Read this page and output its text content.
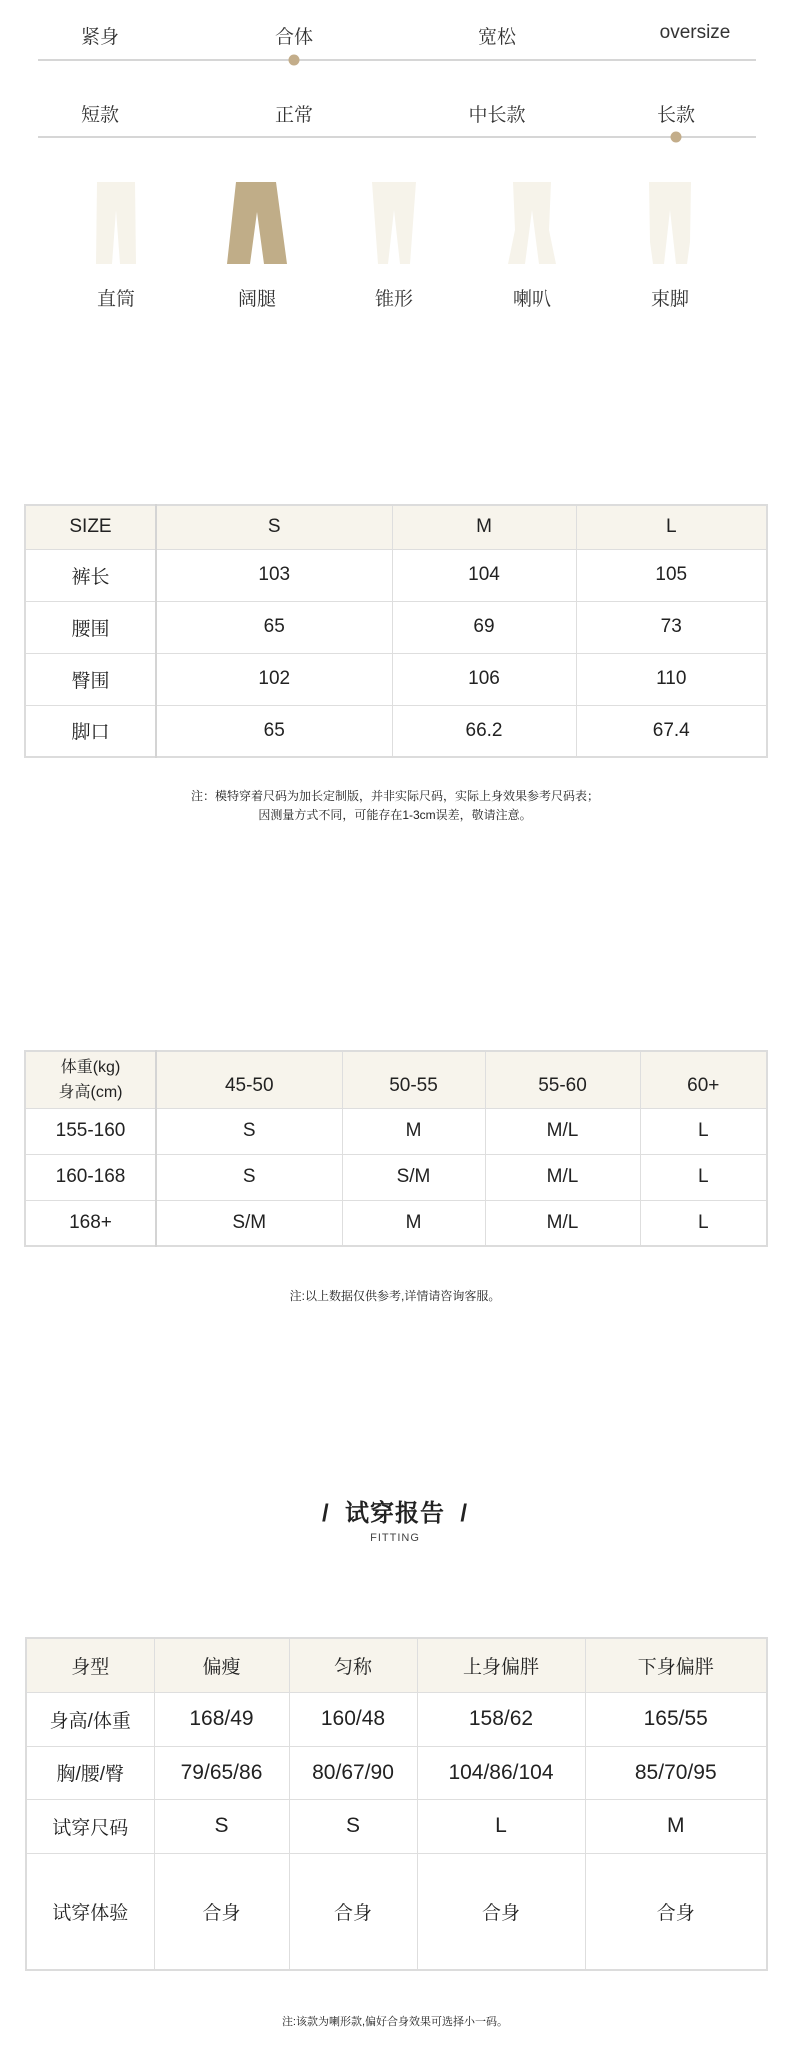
紧身	合体	宽松	oversize
短款	正常	中长款	长款
直筒	阔腿	锥形	喇叭	束脚
SIZE	S	M	L
裤长	103	104	105
腰围	65	69	73
臀围	102	106	110
脚口	65	66.2	67.4
注：模特穿着尺码为加长定制版，并非实际尺码，实际上身效果参考尺码表；
因测量方式不同，可能存在1-3cm误差，敬请注意。
体重(kg)
身高(cm)	45-50	50-55	55-60	60+
155-160	S	M	M/L	L
160-168	S	S/M	M/L	L
168+	S/M	M	M/L	L
注:以上数据仅供参考,详情请咨询客服。
/  试穿报告  /
FITTING
身型	偏瘦	匀称	上身偏胖	下身偏胖
身高/体重	168/49	160/48	158/62	165/55
胸/腰/臀	79/65/86	80/67/90	104/86/104	85/70/95
试穿尺码	S	S	L	M
试穿体验	合身	合身	合身	合身
注:该款为喇形款,偏好合身效果可选择小一码。
